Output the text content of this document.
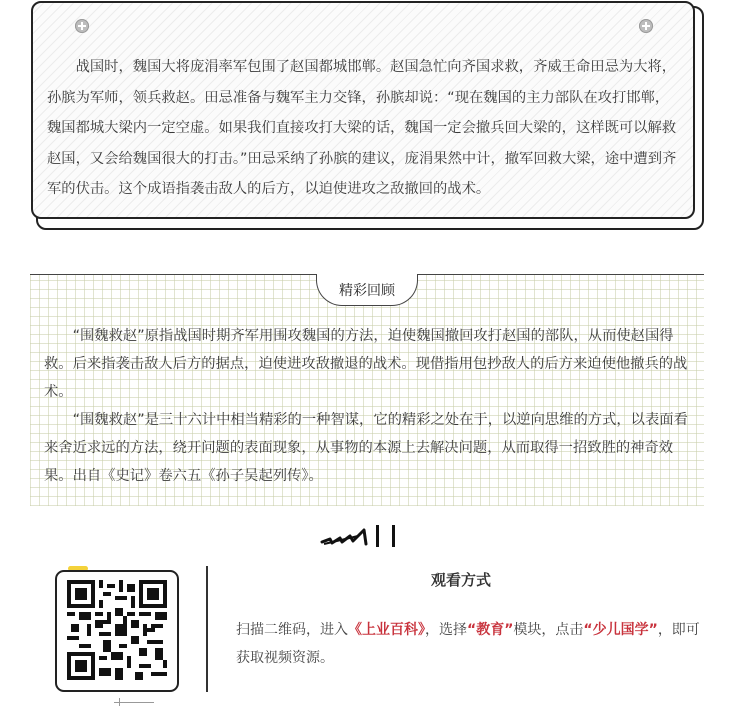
战国时，魏国大将庞涓率军包围了赵国都城邯郸。赵国急忙向齐国求救，齐威王命田忌为大将，孙膑为军师，领兵救赵。田忌准备与魏军主力交锋，孙膑却说：“现在魏国的主力部队在攻打邯郸，魏国都城大梁内一定空虚。如果我们直接攻打大梁的话，魏国一定会撤兵回大梁的，这样既可以解救赵国，又会给魏国很大的打击。”田忌采纳了孙膑的建议，庞涓果然中计，撤军回救大梁，途中遭到齐军的伏击。这个成语指袭击敌人的后方，以迫使进攻之敌撤回的战术。

精彩回顾

“围魏救赵”原指战国时期齐军用围攻魏国的方法，迫使魏国撤回攻打赵国的部队，从而使赵国得救。后来指袭击敌人后方的据点，迫使进攻敌撤退的战术。现借指用包抄敌人的后方来迫使他撤兵的战术。

“围魏救赵”是三十六计中相当精彩的一种智谋，它的精彩之处在于，以逆向思维的方式，以表面看来舍近求远的方法，绕开问题的表面现象，从事物的本源上去解决问题，从而取得一招致胜的神奇效果。出自《史记》卷六五《孙子吴起列传》。

观看方式
扫描二维码，进入《上业百科》，选择“教育”模块，点击“少儿国学”，即可获取视频资源。
